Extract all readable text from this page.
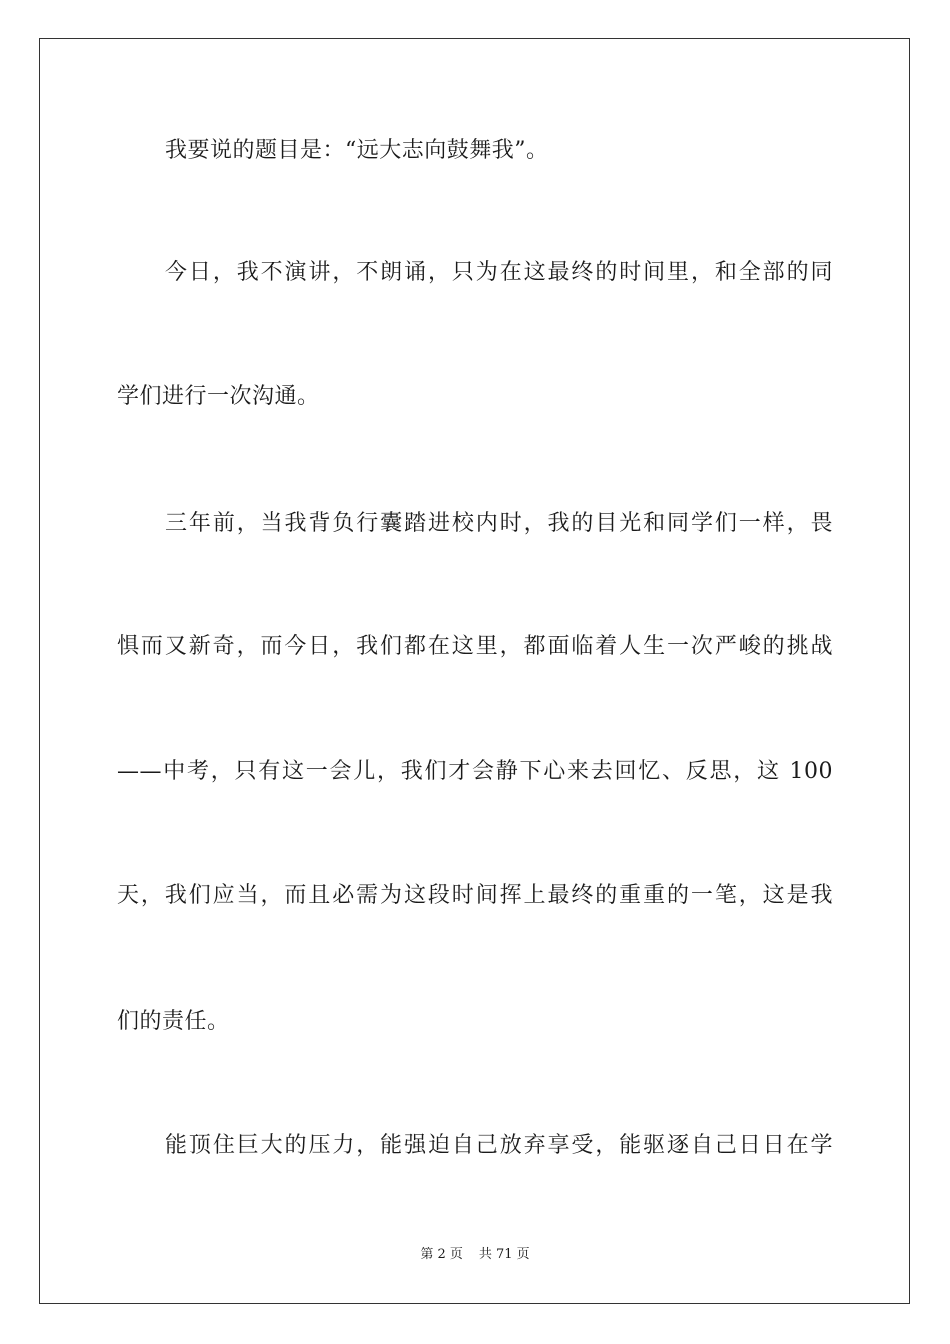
我要说的题目是：“远大志向鼓舞我”。
今日，我不演讲，不朗诵，只为在这最终的时间里，和全部的同
学们进行一次沟通。
三年前，当我背负行囊踏进校内时，我的目光和同学们一样，畏
惧而又新奇，而今日，我们都在这里，都面临着人生一次严峻的挑战
——中考，只有这一会儿，我们才会静下心来去回忆、反思，这 100
天，我们应当，而且必需为这段时间挥上最终的重重的一笔，这是我
们的责任。
能顶住巨大的压力，能强迫自己放弃享受，能驱逐自己日日在学
第 2 页 共 71 页
